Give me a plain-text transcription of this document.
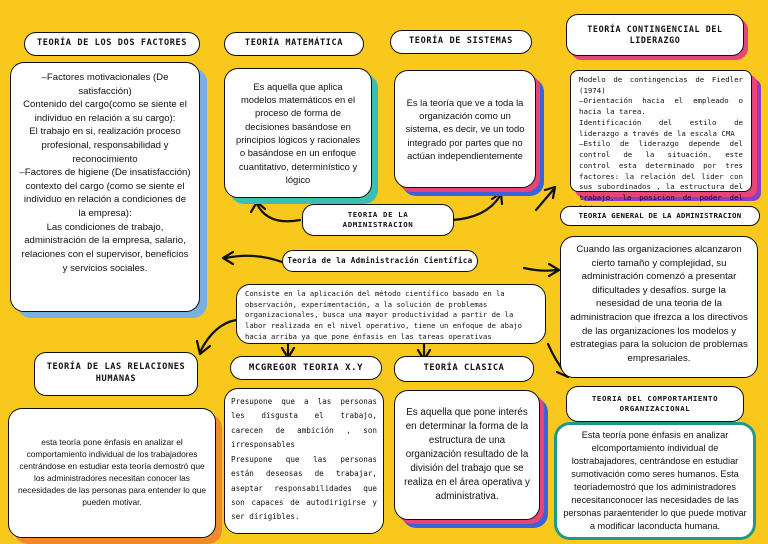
TEORÍA DE LOS DOS FACTORES
–Factores motivacionales (De satisfacción)
Contenido del cargo(como se siente el individuo en relación a su cargo):
El trabajo en si, realización proceso profesional, responsabilidad y reconocimiento
–Factores de higiene (De insatisfacción) contexto del cargo (como se siente el individuo en relación a condiciones de la empresa):
Las condiciones de trabajo, administración de la empresa, salario, relaciones con el supervisor, beneficios y servicios sociales.
TEORÍA DE LAS RELACIONES HUMANAS
esta teoría pone énfasis en analizar el comportamiento individual de los trabajadores centrándose en estudiar esta teoría demostró que los administradores necesitan conocer las necesidades de las personas para entender lo que pueden motivar.
TEORÍA MATEMÁTICA
Es aquella que aplica modelos matemáticos en el proceso de forma de decisiones basándose en principios lógicos y racionales o basándose en un enfoque cuantitativo, determinístico y lógico
TEORÍA DE SISTEMAS
Es la teoría que ve a toda la organización como un sistema, es decir, ve un todo integrado por partes que no actúan independientemente
TEORÍA CONTINGENCIAL DEL LIDERAZGO
Modelo de contingencias de Fiedler (1974)
–Orientación hacia el empleado o hacia la tarea.
Identificación del estilo de liderazgo a través de la escala CMA
–Estilo de liderazgo depende del control de la situación. este control esta determinado por tres factores: la relación del lider con sus subordinados , la estructura del trabajo, la posicion de poder del
TEORIA GENERAL DE LA ADMINISTRACION
Cuando las organizaciones alcanzaron cierto tamaño y complejidad, su administración comenzó a presentar dificultades y desafíos. surge la nesesidad de una teoria de la administracion que ifrezca a los directivos de las organizaciones los modelos y estrategias para la solucion de problemas empresariales.
TEORIA DEL COMPORTAMIENTO ORGANIZACIONAL
Esta teoría pone énfasis en analizar elcomportamiento individual de lostrabajadores, centrándose en estudiar sumotivación como seres humanos. Esta teoríademostró que los administradores necesitanconocer las necesidades de las personas paraentender lo que puede motivar a modificar laconducta humana.
TEORIA DE LA ADMINISTRACION
Teoria de la Administración Científica
Consiste en la aplicación del método científico basado en la observación, experimentación, a la solución de problemas organizacionales, busca una mayor productividad a partir de la labor realizada en el nivel operativo, tiene un enfoque de abajo hacia arriba ya que pone énfasis en las tareas operativas
MCGREGOR TEORIA X.Y
Presupone que a las personas les disgusta el trabajo, carecen de ambición , son irresponsables
Presupone que las personas están deseosas de trabajar, aseptar responsabilidades que son capaces de autodirigirse y ser dirigibles.
TEORÍA CLASICA
Es aquella que pone interés en determinar la forma de la estructura de una organización resultado de la división del trabajo que se realiza en el área operativa y administrativa.
